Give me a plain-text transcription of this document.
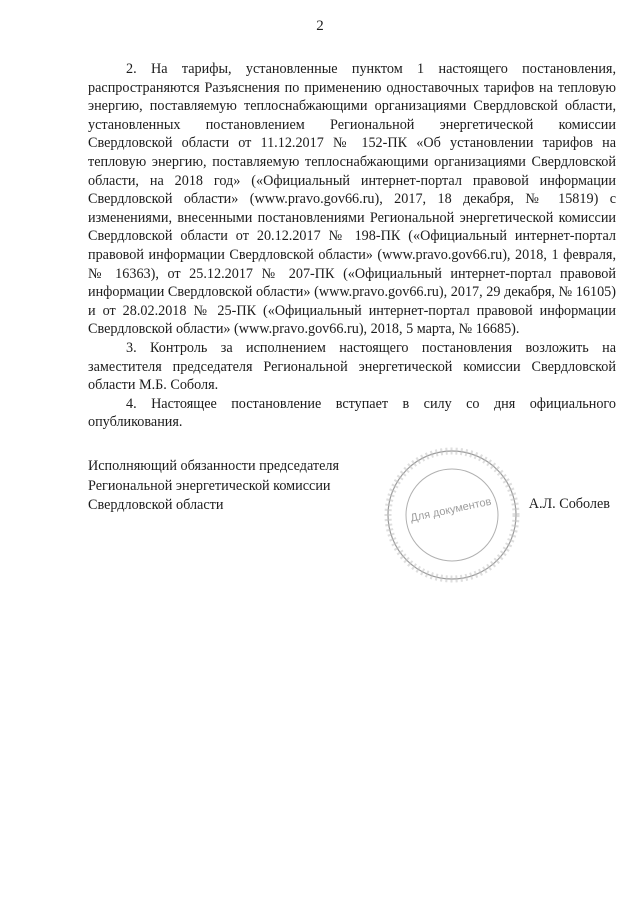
2

2. На тарифы, установленные пунктом 1 настоящего постановления, распространяются Разъяснения по применению одноставочных тарифов на тепловую энергию, поставляемую теплоснабжающими организациями Свердловской области, установленных постановлением Региональной энергетической комиссии Свердловской области от 11.12.2017 № 152-ПК «Об установлении тарифов на тепловую энергию, поставляемую теплоснабжающими организациями Свердловской области, на 2018 год» («Официальный интернет-портал правовой информации Свердловской области» (www.pravo.gov66.ru), 2017, 18 декабря, № 15819) с изменениями, внесенными постановлениями Региональной энергетической комиссии Свердловской области от 20.12.2017 № 198-ПК («Официальный интернет-портал правовой информации Свердловской области» (www.pravo.gov66.ru), 2018, 1 февраля, № 16363), от 25.12.2017 № 207-ПК («Официальный интернет-портал правовой информации Свердловской области» (www.pravo.gov66.ru), 2017, 29 декабря, № 16105) и от 28.02.2018 № 25-ПК («Официальный интернет-портал правовой информации Свердловской области» (www.pravo.gov66.ru), 2018, 5 марта, № 16685).

3. Контроль за исполнением настоящего постановления возложить на заместителя председателя Региональной энергетической комиссии Свердловской области М.Б. Соболя.

4. Настоящее постановление вступает в силу со дня официального опубликования.

Исполняющий обязанности председателя
Региональной энергетической комиссии
Свердловской области	Для документов	А.Л. Соболев
